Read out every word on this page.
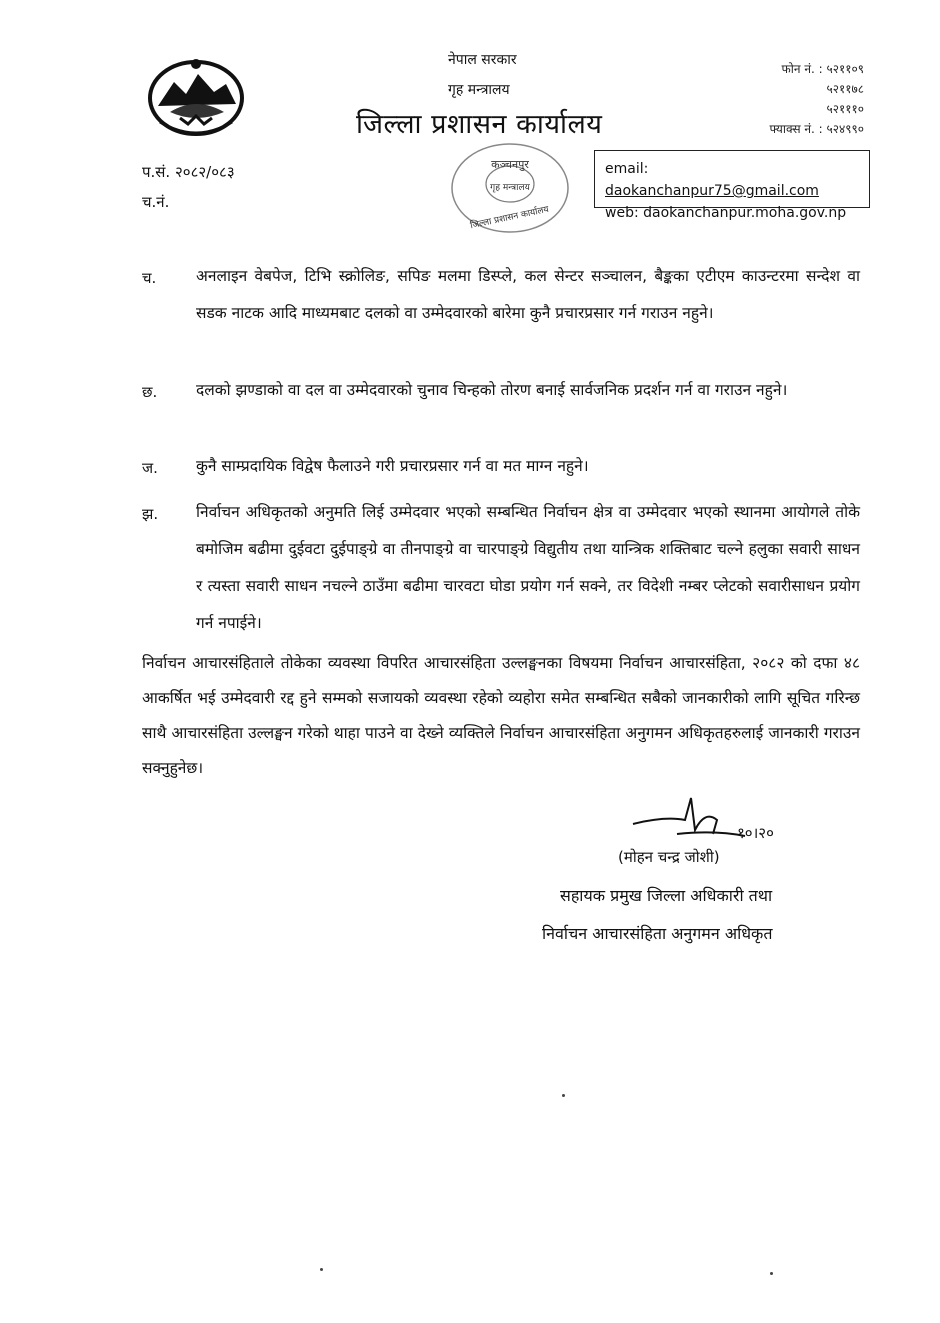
नेपाल सरकार
गृह मन्त्रालय
जिल्ला प्रशासन कार्यालय
फोन नं. : ५२११०९
५२११७८
५२१११०
फ्याक्स नं. : ५२४९९०
कञ्चनपुर
गृह मन्त्रालय
जिल्ला प्रशासन कार्यालय
email: daokanchanpur75@gmail.com
web: daokanchanpur.moha.gov.np
प.सं. २०८२/०८३
च.नं.
च.	अनलाइन वेबपेज, टिभि स्क्रोलिङ, सपिङ मलमा डिस्प्ले, कल सेन्टर सञ्चालन, बैङ्कका एटीएम काउन्टरमा सन्देश वा सडक नाटक आदि माध्यमबाट दलको वा उम्मेदवारको बारेमा कुनै प्रचारप्रसार गर्न गराउन नहुने।
छ. दलको झण्डाको वा दल वा उम्मेदवारको चुनाव चिन्हको तोरण बनाई सार्वजनिक प्रदर्शन गर्न वा गराउन नहुने।
ज. कुनै साम्प्रदायिक विद्वेष फैलाउने गरी प्रचारप्रसार गर्न वा मत माग्न नहुने।
झ. निर्वाचन अधिकृतको अनुमति लिई उम्मेदवार भएको सम्बन्धित निर्वाचन क्षेत्र वा उम्मेदवार भएको स्थानमा आयोगले तोके बमोजिम बढीमा दुईवटा दुईपाङ्ग्रे वा तीनपाङ्ग्रे वा चारपाङ्ग्रे विद्युतीय तथा यान्त्रिक शक्तिबाट चल्ने हलुका सवारी साधन र त्यस्ता सवारी साधन नचल्ने ठाउँमा बढीमा चारवटा घोडा प्रयोग गर्न सक्ने, तर विदेशी नम्बर प्लेटको सवारीसाधन प्रयोग गर्न नपाईने।
निर्वाचन आचारसंहिताले तोकेका व्यवस्था विपरित आचारसंहिता उल्लङ्घनका विषयमा निर्वाचन आचारसंहिता, २०८२ को दफा ४८ आकर्षित भई उम्मेदवारी रद्द हुने सम्मको सजायको व्यवस्था रहेको व्यहोरा समेत सम्बन्धित सबैको जानकारीको लागि सूचित गरिन्छ साथै आचारसंहिता उल्लङ्घन गरेको थाहा पाउने वा देख्ने व्यक्तिले निर्वाचन आचारसंहिता अनुगमन अधिकृतहरुलाई जानकारी गराउन सक्नुहुनेछ।
१०।२०
(मोहन चन्द्र जोशी)
सहायक प्रमुख जिल्ला अधिकारी तथा
निर्वाचन आचारसंहिता अनुगमन अधिकृत
